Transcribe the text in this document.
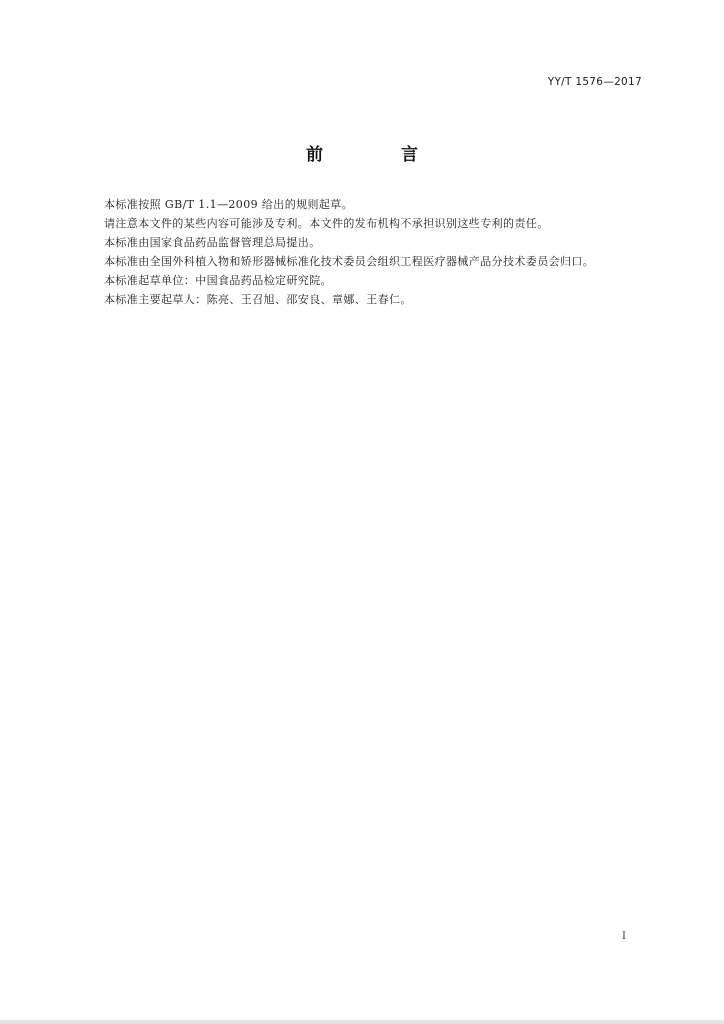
YY/T 1576—2017
前 言

本标准按照 GB/T 1.1—2009 给出的规则起草。

请注意本文件的某些内容可能涉及专利。本文件的发布机构不承担识别这些专利的责任。

本标准由国家食品药品监督管理总局提出。

本标准由全国外科植入物和矫形器械标准化技术委员会组织工程医疗器械产品分技术委员会归口。

本标准起草单位：中国食品药品检定研究院。

本标准主要起草人：陈亮、王召旭、邵安良、章娜、王春仁。

I
